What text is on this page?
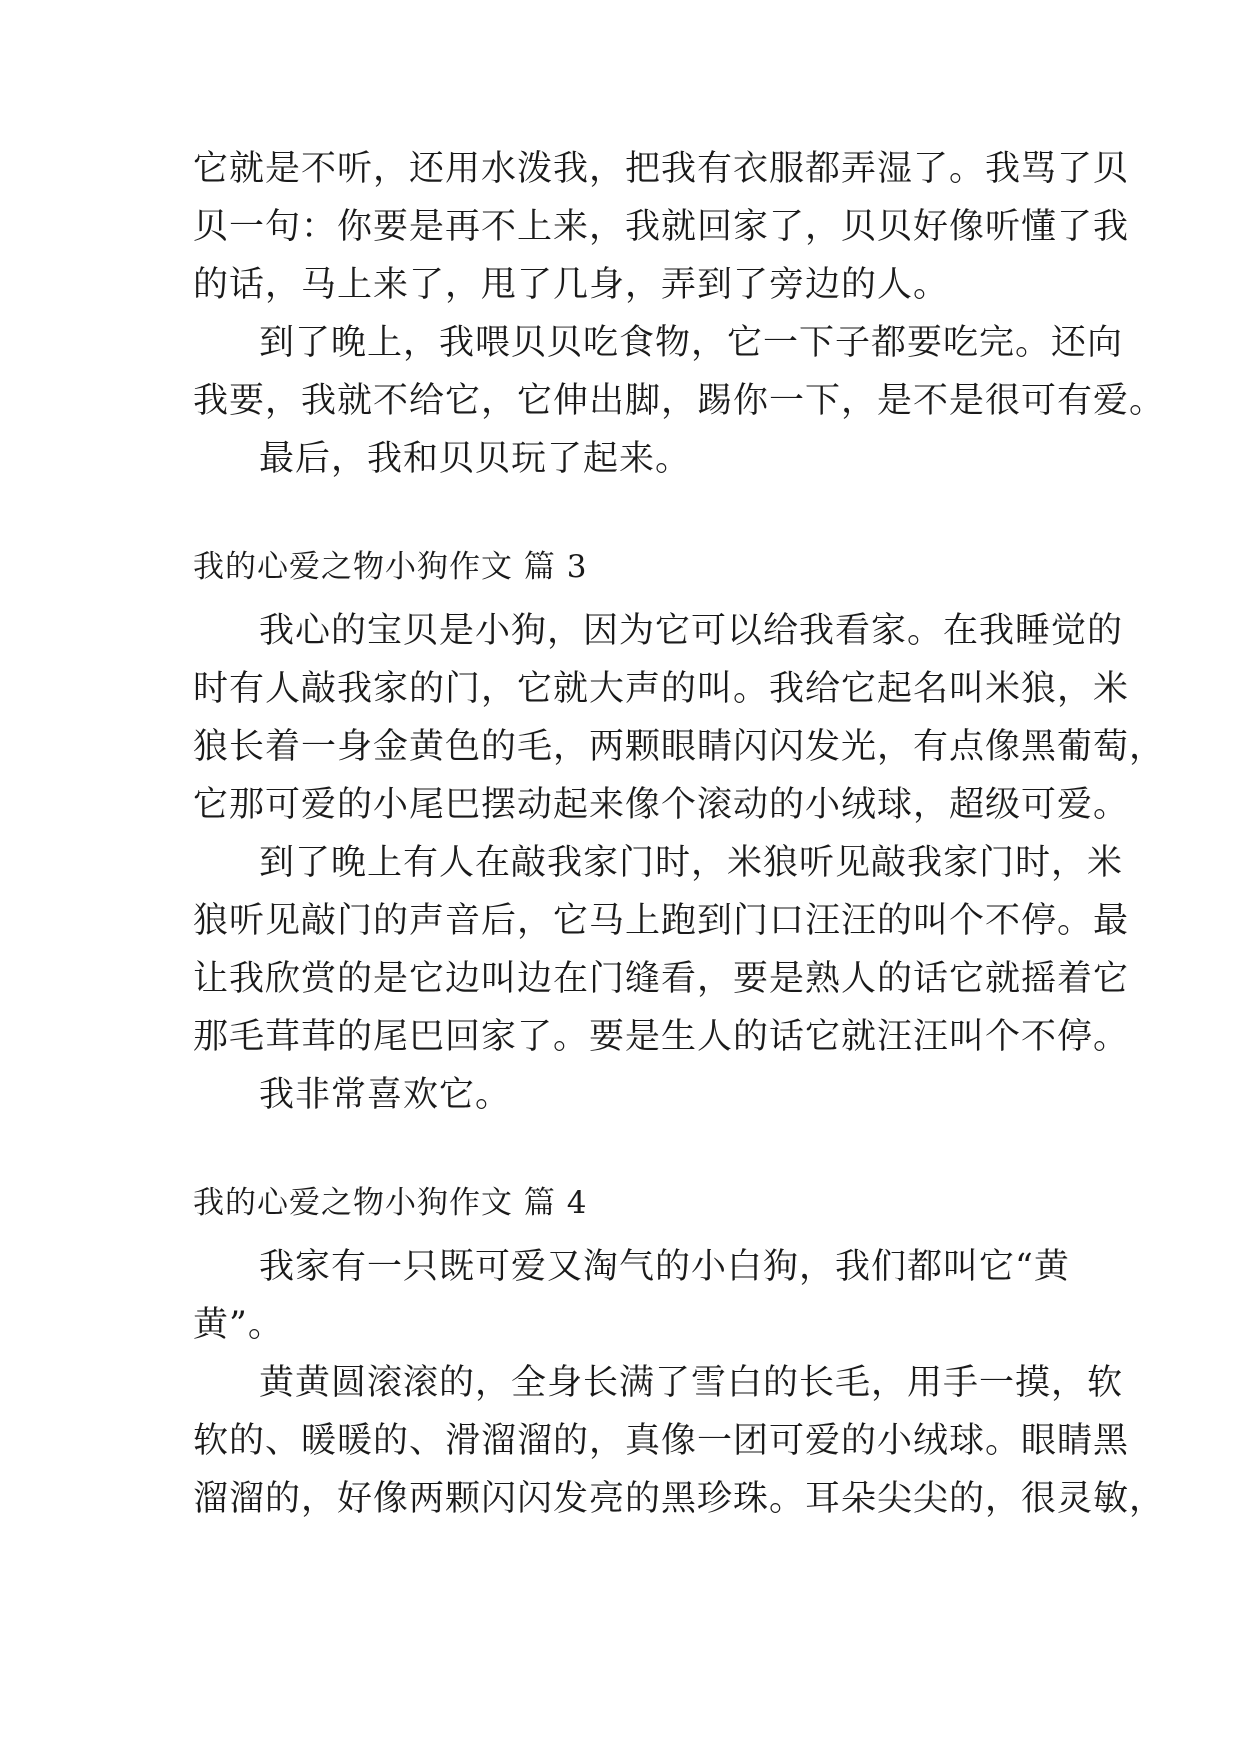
它就是不听，还用水泼我，把我有衣服都弄湿了。我骂了贝
贝一句：你要是再不上来，我就回家了，贝贝好像听懂了我
的话，马上来了，甩了几身，弄到了旁边的人。
到了晚上，我喂贝贝吃食物，它一下子都要吃完。还向
我要，我就不给它，它伸出脚，踢你一下，是不是很可有爱。
最后，我和贝贝玩了起来。
我的心爱之物小狗作文 篇 3
我心的宝贝是小狗，因为它可以给我看家。在我睡觉的
时有人敲我家的门，它就大声的叫。我给它起名叫米狼，米
狼长着一身金黄色的毛，两颗眼睛闪闪发光，有点像黑葡萄，
它那可爱的小尾巴摆动起来像个滚动的小绒球，超级可爱。
到了晚上有人在敲我家门时，米狼听见敲我家门时，米
狼听见敲门的声音后，它马上跑到门口汪汪的叫个不停。最
让我欣赏的是它边叫边在门缝看，要是熟人的话它就摇着它
那毛茸茸的尾巴回家了。要是生人的话它就汪汪叫个不停。
我非常喜欢它。
我的心爱之物小狗作文 篇 4
我家有一只既可爱又淘气的小白狗，我们都叫它“黄
黄”。
黄黄圆滚滚的，全身长满了雪白的长毛，用手一摸，软
软的、暖暖的、滑溜溜的，真像一团可爱的小绒球。眼睛黑
溜溜的，好像两颗闪闪发亮的黑珍珠。耳朵尖尖的，很灵敏，
